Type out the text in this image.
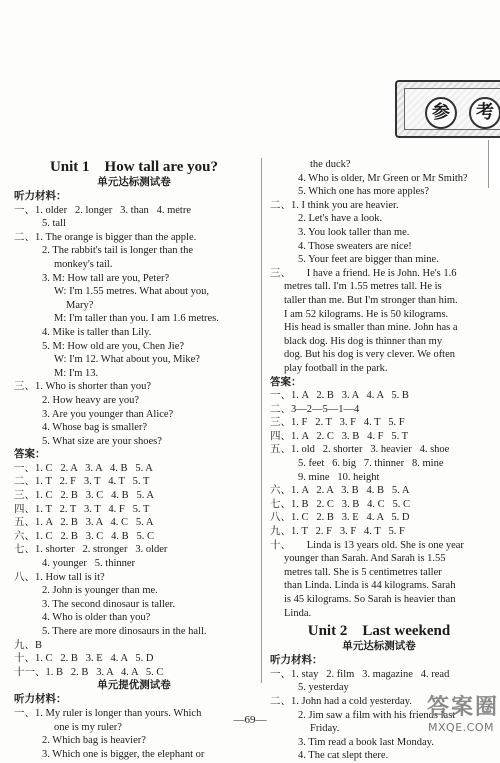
参	考
Unit 1    How tall are you?
单元达标测试卷
听力材料：
一、1. older   2. longer   3. than   4. metre
5. tall
二、1. The orange is bigger than the apple.
2. The rabbit's tail is longer than the
monkey's tail.
3. M: How tall are you, Peter?
W: I'm 1.55 metres. What about you,
Mary?
M: I'm taller than you. I am 1.6 metres.
4. Mike is taller than Lily.
5. M: How old are you, Chen Jie?
W: I'm 12. What about you, Mike?
M: I'm 13.
三、1. Who is shorter than you?
2. How heavy are you?
3. Are you younger than Alice?
4. Whose bag is smaller?
5. What size are your shoes?
答案：
一、1. C   2. A   3. A   4. B   5. A
二、1. T   2. F   3. T   4. T   5. T
三、1. C   2. B   3. C   4. B   5. A
四、1. T   2. T   3. T   4. F   5. T
五、1. A   2. B   3. A   4. C   5. A
六、1. C   2. B   3. C   4. B   5. C
七、1. shorter   2. stronger   3. older
4. younger   5. thinner
八、1. How tall is it?
2. John is younger than me.
3. The second dinosaur is taller.
4. Who is older than you?
5. There are more dinosaurs in the hall.
九、B
十、1. C   2. B   3. E   4. A   5. D
十一、1. B   2. B   3. A   4. A   5. C
单元提优测试卷
听力材料：
一、1. My ruler is longer than yours. Which
one is my ruler?
2. Which bag is heavier?
3. Which one is bigger, the elephant or
the duck?
4. Who is older, Mr Green or Mr Smith?
5. Which one has more apples?
二、1. I think you are heavier.
2. Let's have a look.
3. You look taller than me.
4. Those sweaters are nice!
5. Your feet are bigger than mine.
三、      I have a friend. He is John. He's 1.6
metres tall. I'm 1.55 metres tall. He is
taller than me. But I'm stronger than him.
I am 52 kilograms. He is 50 kilograms.
His head is smaller than mine. John has a
black dog. His dog is thinner than my
dog. But his dog is very clever. We often
play football in the park.
答案：
一、1. A   2. B   3. A   4. A   5. B
二、3—2—5—1—4
三、1. F   2. T   3. F   4. T   5. F
四、1. A   2. C   3. B   4. F   5. T
五、1. old   2. shorter   3. heavier   4. shoe
5. feet   6. big   7. thinner   8. mine
9. mine   10. height
六、1. A   2. A   3. B   4. B   5. A
七、1. B   2. C   3. B   4. C   5. C
八、1. C   2. B   3. E   4. A   5. D
九、1. T   2. F   3. F   4. T   5. F
十、      Linda is 13 years old. She is one year
younger than Sarah. And Sarah is 1.55
metres tall. She is 5 centimetres taller
than Linda. Linda is 44 kilograms. Sarah
is 45 kilograms. So Sarah is heavier than
Linda.
Unit 2    Last weekend
单元达标测试卷
听力材料：
一、1. stay   2. film   3. magazine   4. read
5. yesterday
二、1. John had a cold yesterday.
2. Jim saw a film with his friends last
Friday.
3. Tim read a book last Monday.
4. The cat slept there.
—69—	答案圈
MXQE.COM
